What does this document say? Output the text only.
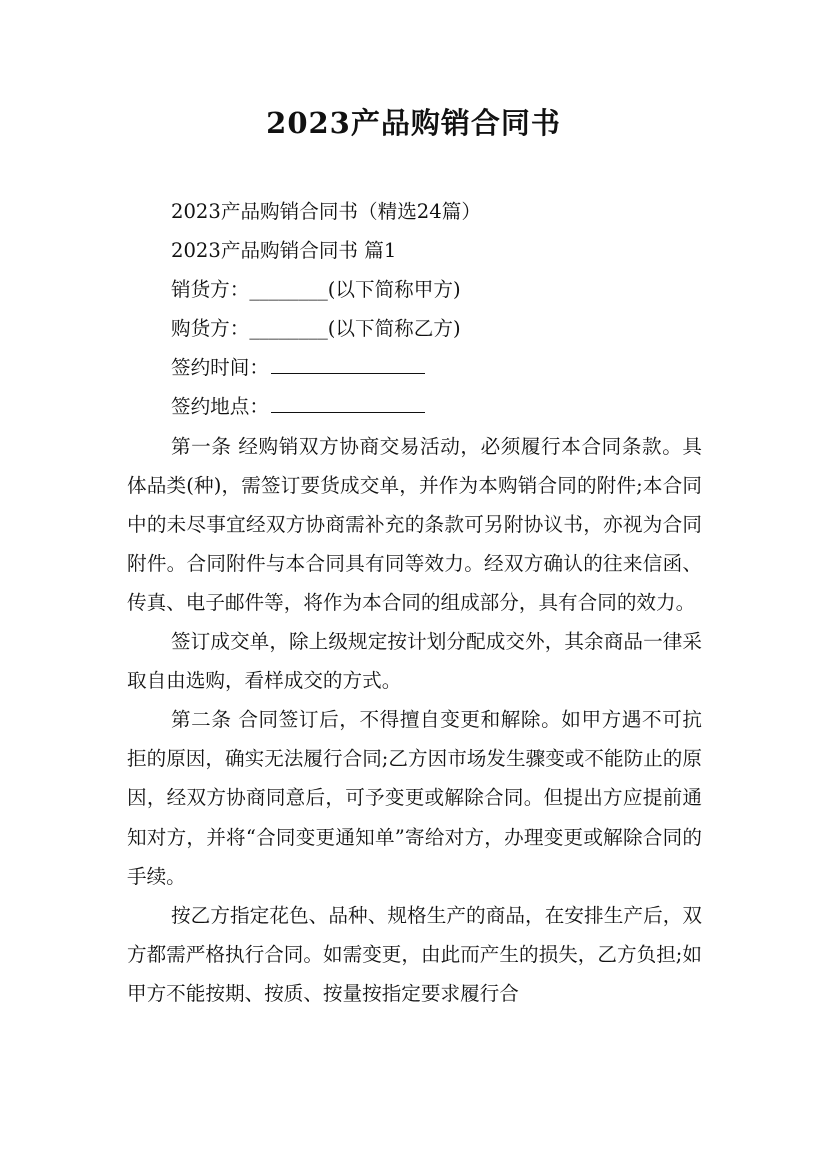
2023产品购销合同书

2023产品购销合同书（精选24篇）

2023产品购销合同书 篇1

销货方：________(以下简称甲方)

购货方：________(以下简称乙方)

签约时间：

签约地点：

第一条 经购销双方协商交易活动，必须履行本合同条款。具体品类(种)，需签订要货成交单，并作为本购销合同的附件;本合同中的未尽事宜经双方协商需补充的条款可另附协议书，亦视为合同附件。合同附件与本合同具有同等效力。经双方确认的往来信函、传真、电子邮件等，将作为本合同的组成部分，具有合同的效力。

签订成交单，除上级规定按计划分配成交外，其余商品一律采取自由选购，看样成交的方式。

第二条 合同签订后，不得擅自变更和解除。如甲方遇不可抗拒的原因，确实无法履行合同;乙方因市场发生骤变或不能防止的原因，经双方协商同意后，可予变更或解除合同。但提出方应提前通知对方，并将“合同变更通知单”寄给对方，办理变更或解除合同的手续。

按乙方指定花色、品种、规格生产的商品，在安排生产后，双方都需严格执行合同。如需变更，由此而产生的损失，乙方负担;如甲方不能按期、按质、按量按指定要求履行合
